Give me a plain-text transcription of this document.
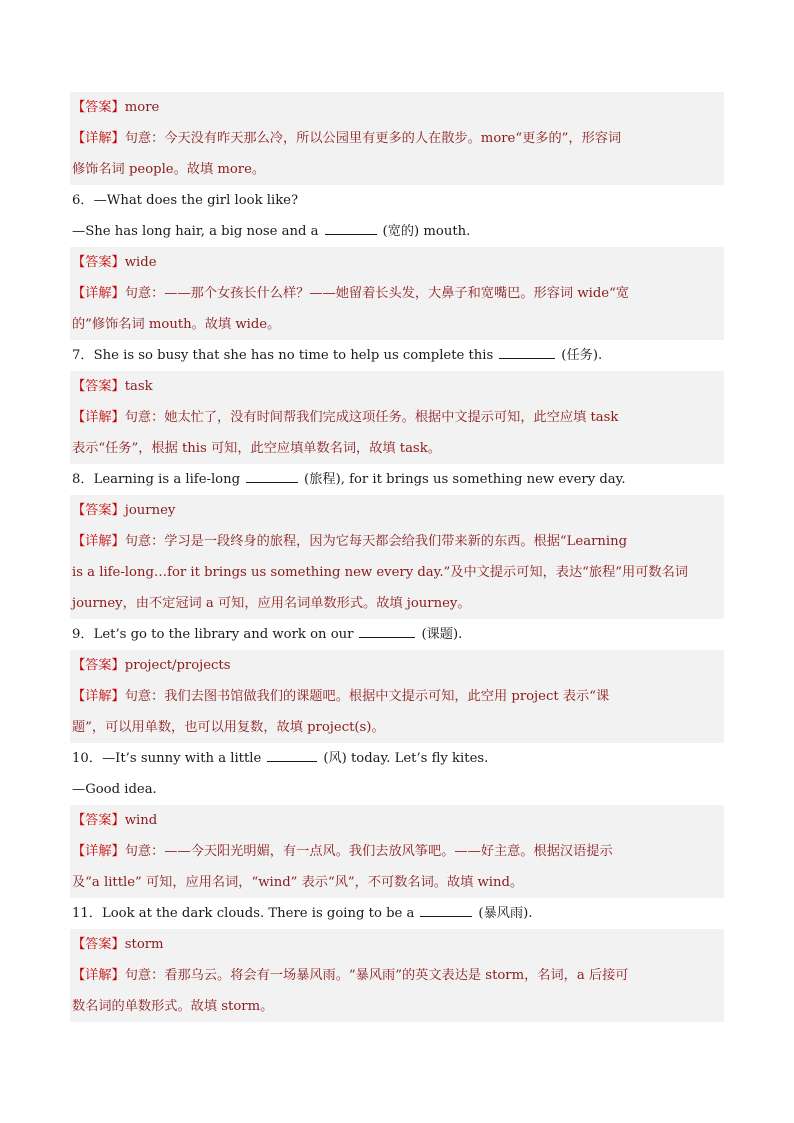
【答案】more
【详解】句意：今天没有昨天那么冷，所以公园里有更多的人在散步。more“更多的”，形容词
修饰名词 people。故填 more。
6．—What does the girl look like?
—She has long hair, a big nose and a	(宽的) mouth.
【答案】wide
【详解】句意：——那个女孩长什么样？——她留着长头发，大鼻子和宽嘴巴。形容词 wide“宽
的”修饰名词 mouth。故填 wide。
7．She is so busy that she has no time to help us complete this	(任务).
【答案】task
【详解】句意：她太忙了，没有时间帮我们完成这项任务。根据中文提示可知，此空应填 task
表示“任务”，根据 this 可知，此空应填单数名词，故填 task。
8．Learning is a life-long	(旅程), for it brings us something new every day.
【答案】journey
【详解】句意：学习是一段终身的旅程，因为它每天都会给我们带来新的东西。根据“Learning
is a life-long…for it brings us something new every day.”及中文提示可知，表达“旅程”用可数名词
journey，由不定冠词 a 可知，应用名词单数形式。故填 journey。
9．Let’s go to the library and work on our	(课题).
【答案】project/projects
【详解】句意：我们去图书馆做我们的课题吧。根据中文提示可知，此空用 project 表示“课
题”，可以用单数，也可以用复数，故填 project(s)。
10．—It’s sunny with a little	(风) today. Let’s fly kites.
—Good idea.
【答案】wind
【详解】句意：——今天阳光明媚，有一点风。我们去放风筝吧。——好主意。根据汉语提示
及“a little” 可知，应用名词，“wind” 表示“风”，不可数名词。故填 wind。
11．Look at the dark clouds. There is going to be a	(暴风雨).
【答案】storm
【详解】句意：看那乌云。将会有一场暴风雨。“暴风雨”的英文表达是 storm，名词，a 后接可
数名词的单数形式。故填 storm。
